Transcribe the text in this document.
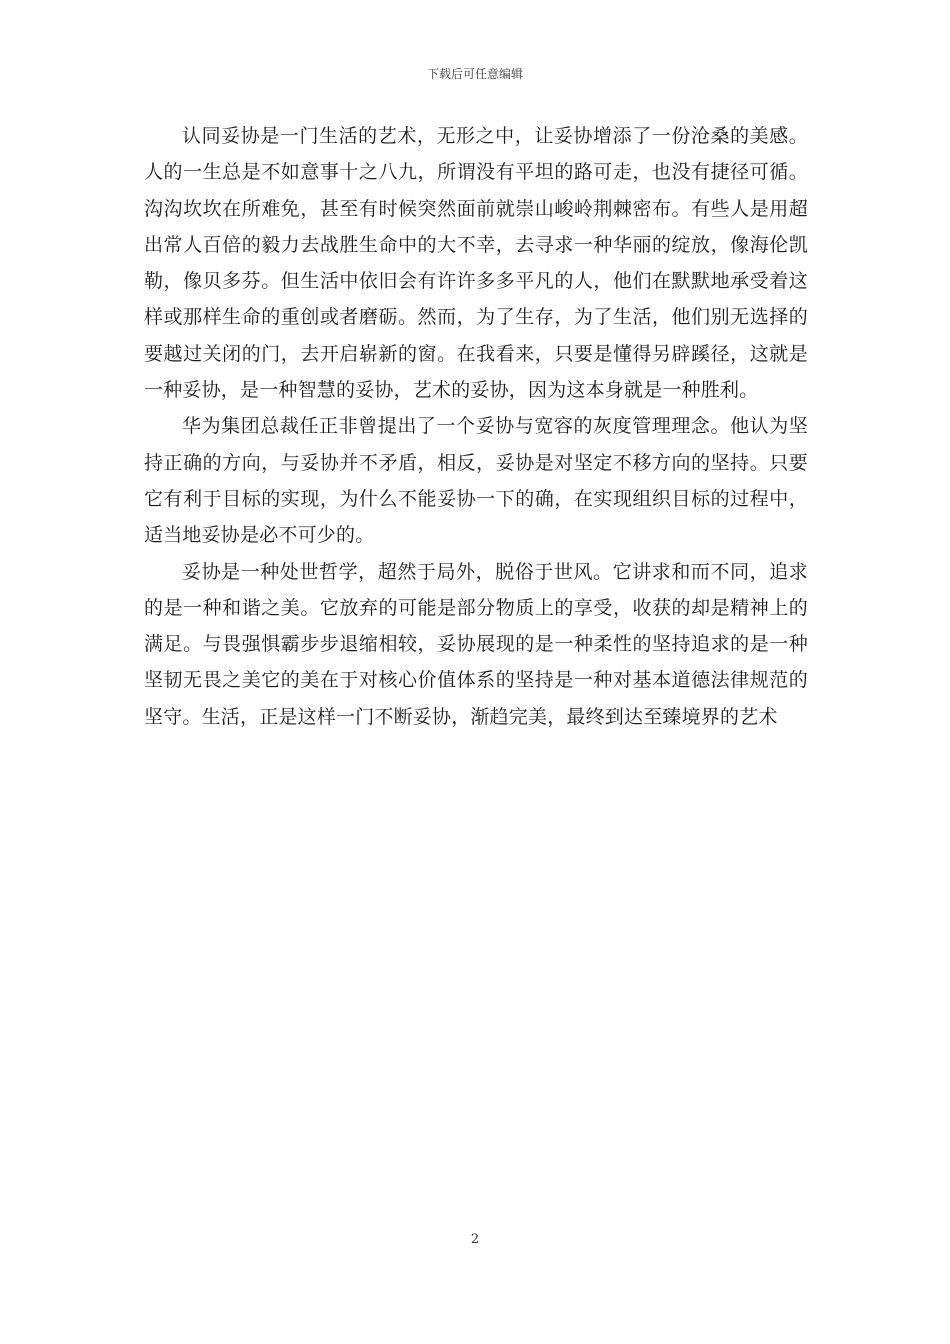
下载后可任意编辑

认同妥协是一门生活的艺术，无形之中，让妥协增添了一份沧桑的美感。人的一生总是不如意事十之八九，所谓没有平坦的路可走，也没有捷径可循。沟沟坎坎在所难免，甚至有时候突然面前就崇山峻岭荆棘密布。有些人是用超出常人百倍的毅力去战胜生命中的大不幸，去寻求一种华丽的绽放，像海伦凯勒，像贝多芬。但生活中依旧会有许许多多平凡的人，他们在默默地承受着这样或那样生命的重创或者磨砺。然而，为了生存，为了生活，他们别无选择的要越过关闭的门，去开启崭新的窗。在我看来，只要是懂得另辟蹊径，这就是一种妥协，是一种智慧的妥协，艺术的妥协，因为这本身就是一种胜利。

华为集团总裁任正非曾提出了一个妥协与宽容的灰度管理理念。他认为坚持正确的方向，与妥协并不矛盾，相反，妥协是对坚定不移方向的坚持。只要它有利于目标的实现，为什么不能妥协一下的确，在实现组织目标的过程中，适当地妥协是必不可少的。

妥协是一种处世哲学，超然于局外，脱俗于世风。它讲求和而不同，追求的是一种和谐之美。它放弃的可能是部分物质上的享受，收获的却是精神上的满足。与畏强惧霸步步退缩相较，妥协展现的是一种柔性的坚持追求的是一种坚韧无畏之美它的美在于对核心价值体系的坚持是一种对基本道德法律规范的坚守。生活，正是这样一门不断妥协，渐趋完美，最终到达至臻境界的艺术

2
